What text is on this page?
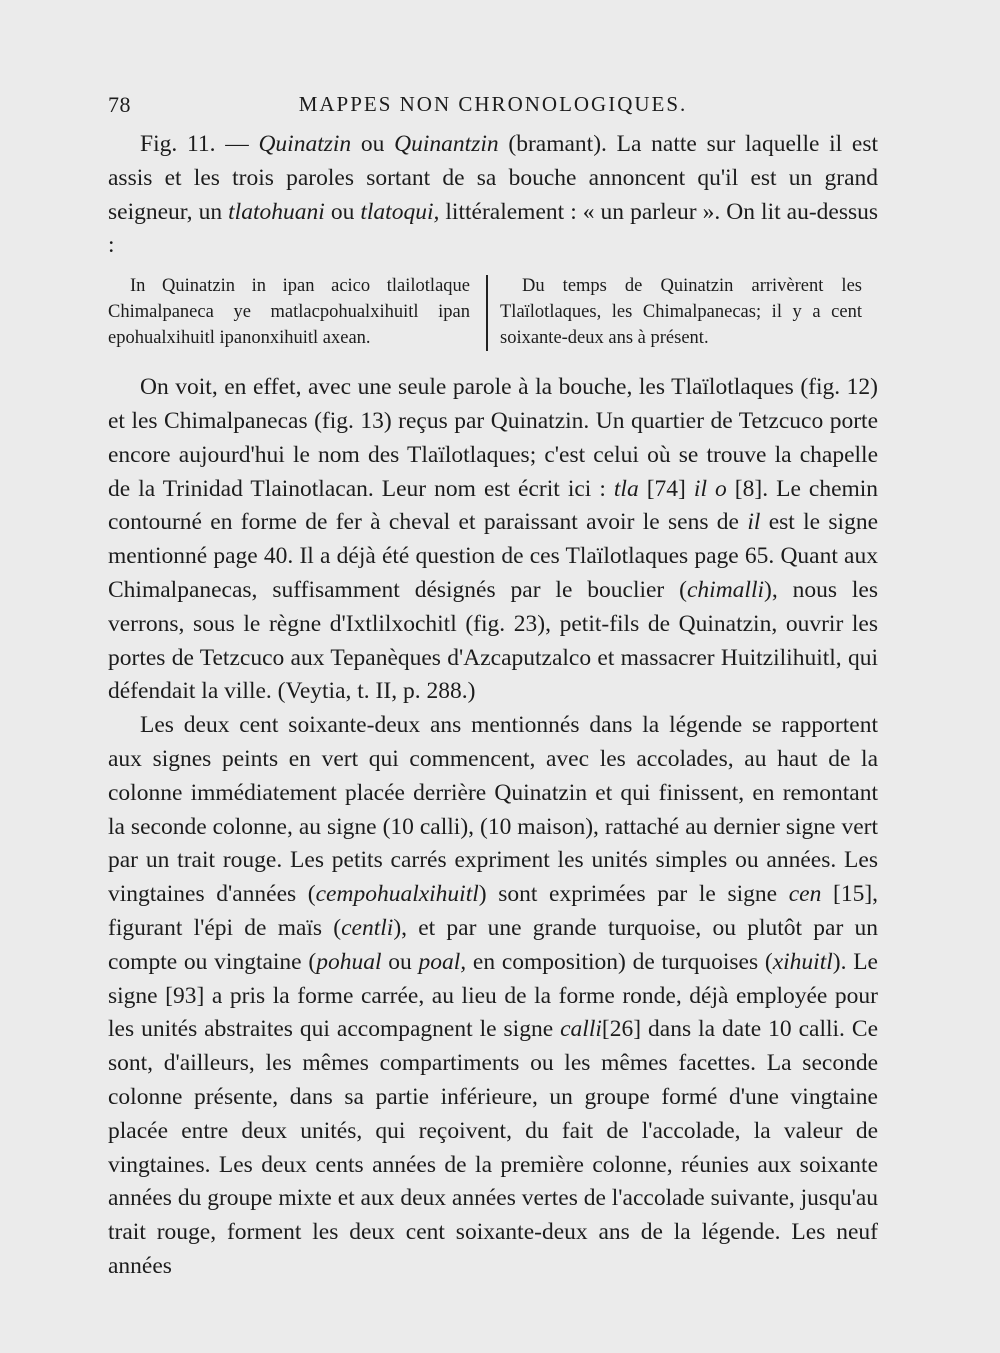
78	MAPPES NON CHRONOLOGIQUES.

Fig. 11. — Quinatzin ou Quinantzin (bramant). La natte sur laquelle il est assis et les trois paroles sortant de sa bouche annoncent qu'il est un grand seigneur, un tlatohuani ou tlatoqui, littéralement : « un parleur ». On lit au-dessus :

In Quinatzin in ipan acico tlailotlaque Chimalpaneca ye matlacpohualxihuitl ipan epohualxihuitl ipanonxihuitl axean.
Du temps de Quinatzin arrivèrent les Tlaïlotlaques, les Chimalpanecas; il y a cent soixante-deux ans à présent.

On voit, en effet, avec une seule parole à la bouche, les Tlaïlotlaques (fig. 12) et les Chimalpanecas (fig. 13) reçus par Quinatzin. Un quartier de Tetzcuco porte encore aujourd'hui le nom des Tlaïlotlaques; c'est celui où se trouve la chapelle de la Trinidad Tlainotlacan. Leur nom est écrit ici : tla [74] il o [8]. Le chemin contourné en forme de fer à cheval et paraissant avoir le sens de il est le signe mentionné page 40. Il a déjà été question de ces Tlaïlotlaques page 65. Quant aux Chimalpanecas, suffisamment désignés par le bouclier (chimalli), nous les verrons, sous le règne d'Ixtlilxochitl (fig. 23), petit-fils de Quinatzin, ouvrir les portes de Tetzcuco aux Tepanèques d'Azcaputzalco et massacrer Huitzilihuitl, qui défendait la ville. (Veytia, t. II, p. 288.)

Les deux cent soixante-deux ans mentionnés dans la légende se rapportent aux signes peints en vert qui commencent, avec les accolades, au haut de la colonne immédiatement placée derrière Quinatzin et qui finissent, en remontant la seconde colonne, au signe (10 calli), (10 maison), rattaché au dernier signe vert par un trait rouge. Les petits carrés expriment les unités simples ou années. Les vingtaines d'années (cempohualxihuitl) sont exprimées par le signe cen [15], figurant l'épi de maïs (centli), et par une grande turquoise, ou plutôt par un compte ou vingtaine (pohual ou poal, en composition) de turquoises (xihuitl). Le signe [93] a pris la forme carrée, au lieu de la forme ronde, déjà employée pour les unités abstraites qui accompagnent le signe calli[26] dans la date 10 calli. Ce sont, d'ailleurs, les mêmes compartiments ou les mêmes facettes. La seconde colonne présente, dans sa partie inférieure, un groupe formé d'une vingtaine placée entre deux unités, qui reçoivent, du fait de l'accolade, la valeur de vingtaines. Les deux cents années de la première colonne, réunies aux soixante années du groupe mixte et aux deux années vertes de l'accolade suivante, jusqu'au trait rouge, forment les deux cent soixante-deux ans de la légende. Les neuf années
